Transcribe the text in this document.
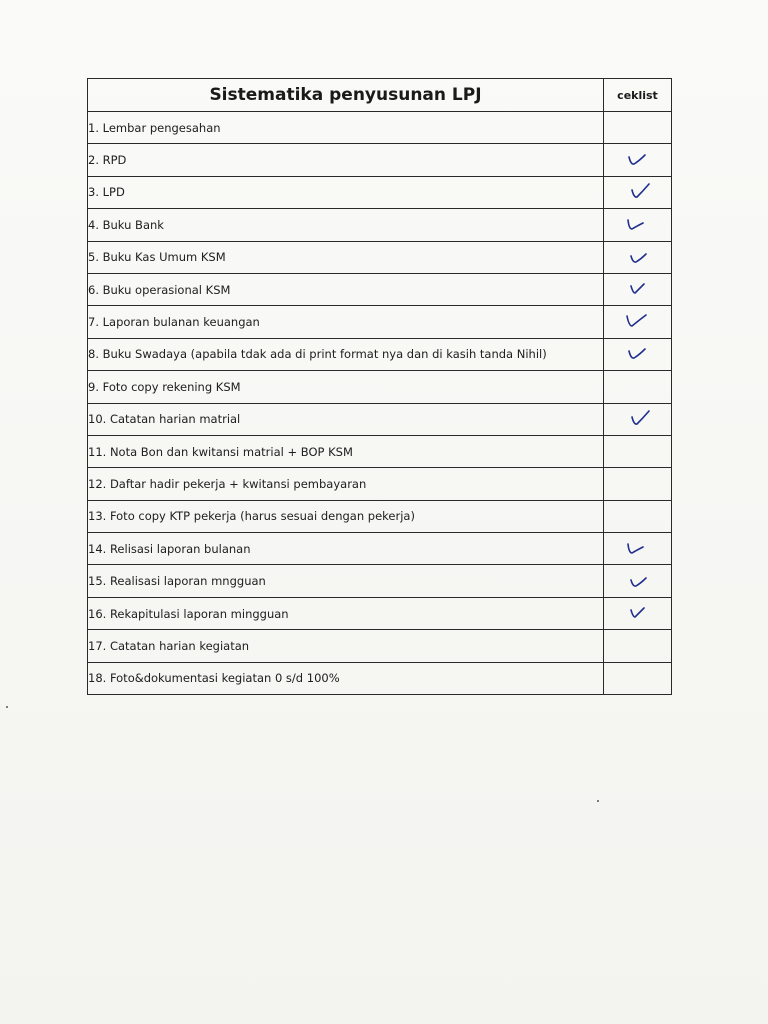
Sistematika penyusunan LPJ	ceklist
1. Lembar pengesahan	
2. RPD	

3. LPD	

4. Buku Bank	

5. Buku Kas Umum KSM	

6. Buku operasional KSM	

7. Laporan bulanan keuangan	

8. Buku Swadaya (apabila tdak ada di print format nya dan di kasih tanda Nihil)	

9. Foto copy rekening KSM	
10. Catatan harian matrial	

11. Nota Bon dan kwitansi matrial + BOP KSM	
12. Daftar hadir pekerja + kwitansi pembayaran	
13. Foto copy KTP pekerja (harus sesuai dengan pekerja)	
14. Relisasi laporan bulanan	

15. Realisasi laporan mngguan	

16. Rekapitulasi laporan mingguan	

17. Catatan harian kegiatan	
18. Foto&dokumentasi kegiatan 0 s/d 100%	
